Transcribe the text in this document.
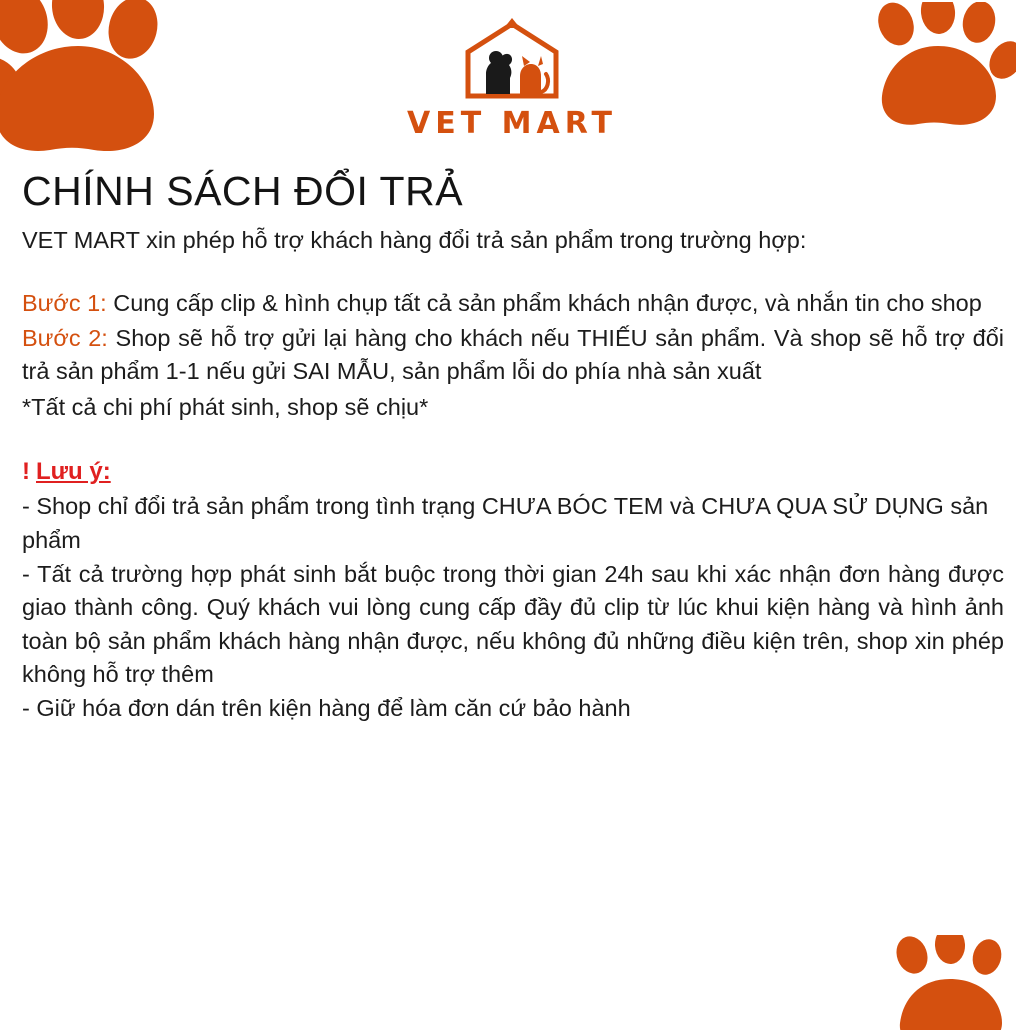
VET MART
CHÍNH SÁCH ĐỔI TRẢ

VET MART xin phép hỗ trợ khách hàng đổi trả sản phẩm trong trường hợp:

Bước 1: Cung cấp clip & hình chụp tất cả sản phẩm khách nhận được, và nhắn tin cho shop

Bước 2: Shop sẽ hỗ trợ gửi lại hàng cho khách nếu THIẾU sản phẩm. Và shop sẽ hỗ trợ đổi trả sản phẩm 1-1 nếu gửi SAI MẪU, sản phẩm lỗi do phía nhà sản xuất

*Tất cả chi phí phát sinh, shop sẽ chịu*

! Lưu ý:

- Shop chỉ đổi trả sản phẩm trong tình trạng CHƯA BÓC TEM và CHƯA QUA SỬ DỤNG sản phẩm

- Tất cả trường hợp phát sinh bắt buộc trong thời gian 24h sau khi xác nhận đơn hàng được giao thành công. Quý khách vui lòng cung cấp đầy đủ clip từ lúc khui kiện hàng và hình ảnh toàn bộ sản phẩm khách hàng nhận được, nếu không đủ những điều kiện trên, shop xin phép không hỗ trợ thêm

- Giữ hóa đơn dán trên kiện hàng để làm căn cứ bảo hành
